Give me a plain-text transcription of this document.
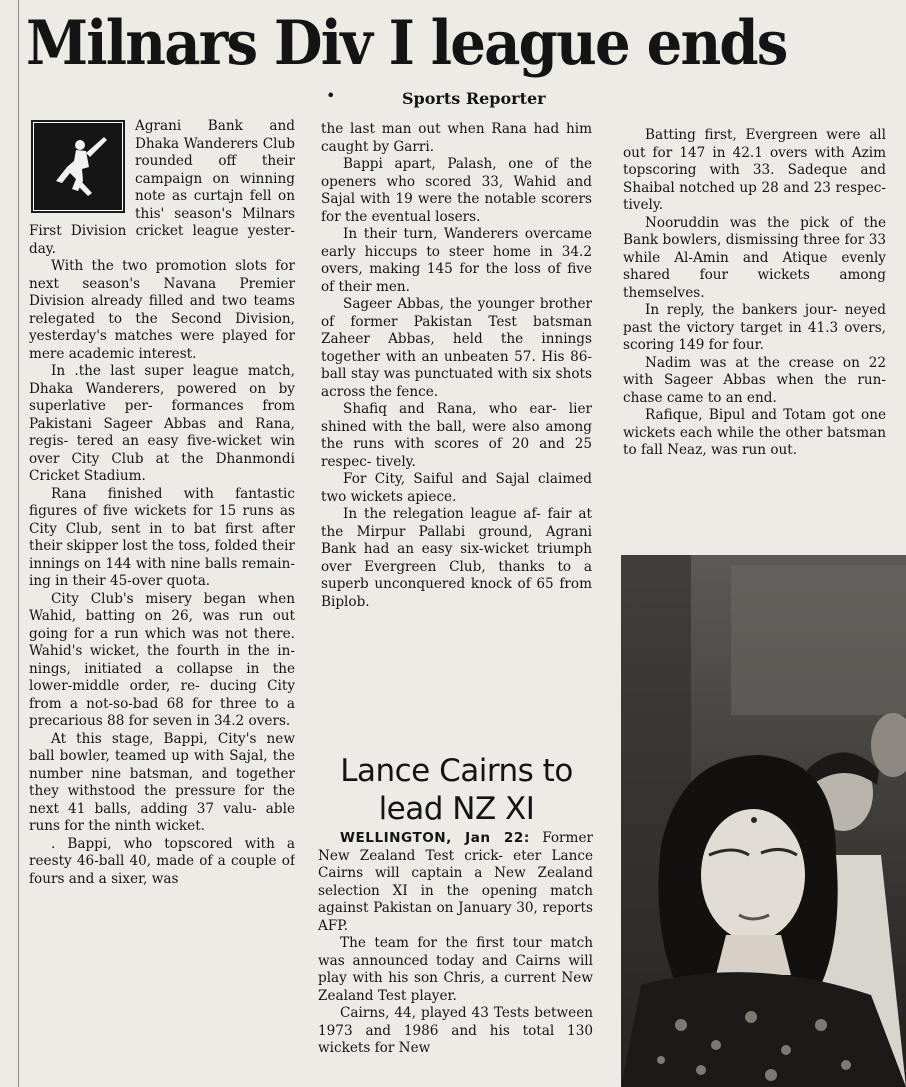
Milnars Div I league ends
•	Sports Reporter

Agrani Bank and Dhaka Wanderers Club rounded off their campaign on winning note as curtajn fell on this' season's Milnars First Division cricket league yester- day.

With the two promotion slots for next season's Navana Premier Division already filled and two teams relegated to the Second Division, yesterday's matches were played for mere academic interest.

In .the last super league match, Dhaka Wanderers, powered on by superlative per- formances from Pakistani Sageer Abbas and Rana, regis- tered an easy five-wicket win over City Club at the Dhanmondi Cricket Stadium.

Rana finished with fantastic figures of five wickets for 15 runs as City Club, sent in to bat first after their skipper lost the toss, folded their innings on 144 with nine balls remain- ing in their 45-over quota.

City Club's misery began when Wahid, batting on 26, was run out going for a run which was not there. Wahid's wicket, the fourth in the in- nings, initiated a collapse in the lower-middle order, re- ducing City from a not-so-bad 68 for three to a precarious 88 for seven in 34.2 overs.

At this stage, Bappi, City's new ball bowler, teamed up with Sajal, the number nine batsman, and together they withstood the pressure for the next 41 balls, adding 37 valu- able runs for the ninth wicket.

. Bappi, who topscored with a reesty 46-ball 40, made of a couple of fours and a sixer, was

the last man out when Rana had him caught by Garri.

Bappi apart, Palash, one of the openers who scored 33, Wahid and Sajal with 19 were the notable scorers for the eventual losers.

In their turn, Wanderers overcame early hiccups to steer home in 34.2 overs, making 145 for the loss of five of their men.

Sageer Abbas, the younger brother of former Pakistan Test batsman Zaheer Abbas, held the innings together with an unbeaten 57. His 86-ball stay was punctuated with six shots across the fence.

Shafiq and Rana, who ear- lier shined with the ball, were also among the runs with scores of 20 and 25 respec- tively.

For City, Saiful and Sajal claimed two wickets apiece.

In the relegation league af- fair at the Mirpur Pallabi ground, Agrani Bank had an easy six-wicket triumph over Evergreen Club, thanks to a superb unconquered knock of 65 from Biplob.

Batting first, Evergreen were all out for 147 in 42.1 overs with Azim topscoring with 33. Sadeque and Shaibal notched up 28 and 23 respec- tively.

Nooruddin was the pick of the Bank bowlers, dismissing three for 33 while Al-Amin and Atique evenly shared four wickets among themselves.

In reply, the bankers jour- neyed past the victory target in 41.3 overs, scoring 149 for four.

Nadim was at the crease on 22 with Sageer Abbas when the run-chase came to an end.

Rafique, Bipul and Totam got one wickets each while the other batsman to fall Neaz, was run out.

Lance Cairns to lead NZ XI

WELLINGTON, Jan 22: Former New Zealand Test crick- eter Lance Cairns will captain a New Zealand selection XI in the opening match against Pakistan on January 30, reports AFP.

The team for the first tour match was announced today and Cairns will play with his son Chris, a current New Zealand Test player.

Cairns, 44, played 43 Tests between 1973 and 1986 and his total 130 wickets for New
